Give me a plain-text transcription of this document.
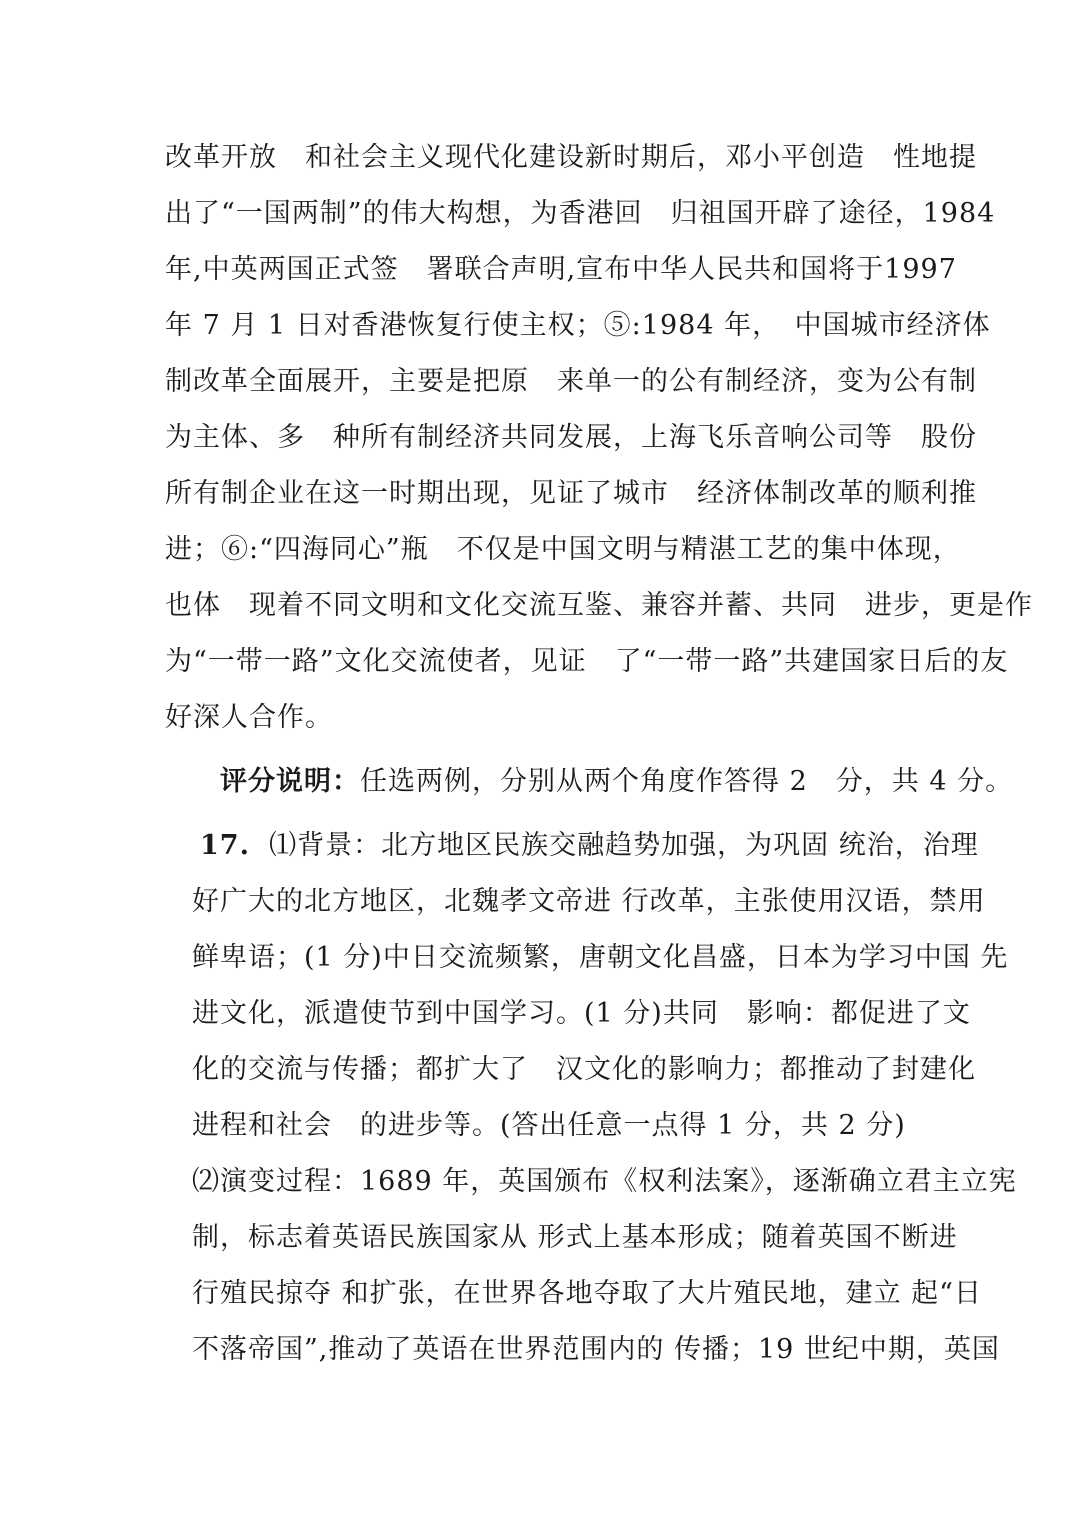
改革开放　和社会主义现代化建设新时期后，邓小平创造　性地提
出了“一国两制”的伟大构想，为香港回　归祖国开辟了途径，1984
年,中英两国正式签　署联合声明,宣布中华人民共和国将于1997
年 7 月 1 日对香港恢复行使主权；⑤:1984 年，　中国城市经济体
制改革全面展开，主要是把原　来单一的公有制经济，变为公有制
为主体、多　种所有制经济共同发展，上海飞乐音响公司等　股份
所有制企业在这一时期出现，见证了城市　经济体制改革的顺利推
进；⑥:“四海同心”瓶　不仅是中国文明与精湛工艺的集中体现，
也体　现着不同文明和文化交流互鉴、兼容并蓄、共同　进步，更是作
为“一带一路”文化交流使者，见证　了“一带一路”共建国家日后的友
好深人合作。
评分说明：任选两例，分别从两个角度作答得 2　分，共 4 分。
17. ⑴背景：北方地区民族交融趋势加强，为巩固 统治，治理
好广大的北方地区，北魏孝文帝进 行改革，主张使用汉语，禁用
鲜卑语；(1 分)中日交流频繁，唐朝文化昌盛，日本为学习中国 先
进文化，派遣使节到中国学习。(1 分)共同　影响：都促进了文
化的交流与传播；都扩大了　汉文化的影响力；都推动了封建化
进程和社会　的进步等。(答出任意一点得 1 分，共 2 分)
⑵演变过程：1689 年，英国颁布《权利法案》，逐渐确立君主立宪
制，标志着英语民族国家从 形式上基本形成；随着英国不断进
行殖民掠夺 和扩张，在世界各地夺取了大片殖民地，建立 起“日
不落帝国”,推动了英语在世界范围内的 传播；19 世纪中期，英国
